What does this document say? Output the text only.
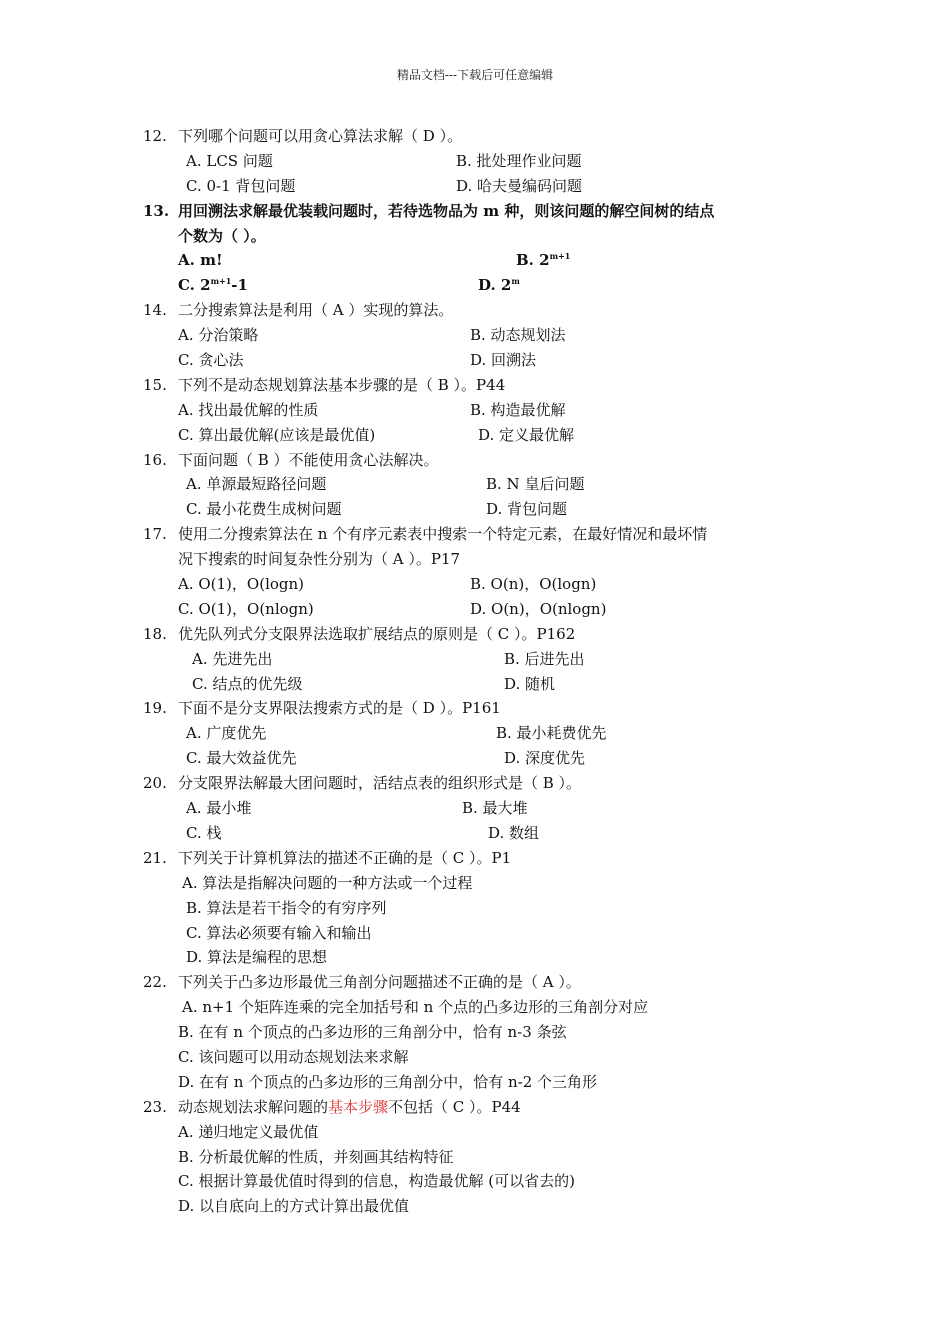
精品文档---下载后可任意编辑
12. 下列哪个问题可以用贪心算法求解（ D ）。
A. LCS 问题	B. 批处理作业问题
C. 0-1 背包问题	D. 哈夫曼编码问题
13. 用回溯法求解最优装载问题时，若待选物品为 m 种，则该问题的解空间树的结点
个数为（ ）。
A. m!	B. $2^{m+1}$
C. $2^{m+1}-1$	D. 2$^m$
14. 二分搜索算法是利用（ A ）实现的算法。
A. 分治策略	B. 动态规划法
C. 贪心法	D. 回溯法
15. 下列不是动态规划算法基本步骤的是（ B ）。P44
A. 找出最优解的性质	B. 构造最优解
C. 算出最优解(应该是最优值)	D. 定义最优解
16. 下面问题（ B ）不能使用贪心法解决。
A. 单源最短路径问题	B. N 皇后问题
C. 最小花费生成树问题	D. 背包问题
17. 使用二分搜索算法在 n 个有序元素表中搜索一个特定元素，在最好情况和最坏情
况下搜索的时间复杂性分别为（ A ）。P17
A. O(1)，O(logn)	B. O(n)，O(logn)
C. O(1)，O(nlogn)	D. O(n)，O(nlogn)
18. 优先队列式分支限界法选取扩展结点的原则是（ C ）。P162
A. 先进先出	B. 后进先出
C. 结点的优先级	D. 随机
19. 下面不是分支界限法搜索方式的是（ D ）。P161
A. 广度优先	B. 最小耗费优先
C. 最大效益优先	D. 深度优先
20. 分支限界法解最大团问题时，活结点表的组织形式是（ B ）。
A. 最小堆	B. 最大堆
C. 栈	D. 数组
21. 下列关于计算机算法的描述不正确的是（ C ）。P1
A. 算法是指解决问题的一种方法或一个过程
B. 算法是若干指令的有穷序列
C. 算法必须要有输入和输出
D. 算法是编程的思想
22. 下列关于凸多边形最优三角剖分问题描述不正确的是（ A ）。
A. n+1 个矩阵连乘的完全加括号和 n 个点的凸多边形的三角剖分对应
B. 在有 n 个顶点的凸多边形的三角剖分中，恰有 n-3 条弦
C. 该问题可以用动态规划法来求解
D. 在有 n 个顶点的凸多边形的三角剖分中，恰有 n-2 个三角形
23. 动态规划法求解问题的基本步骤不包括（ C ）。P44
A. 递归地定义最优值
B. 分析最优解的性质，并刻画其结构特征
C. 根据计算最优值时得到的信息，构造最优解 (可以省去的)
D. 以自底向上的方式计算出最优值
